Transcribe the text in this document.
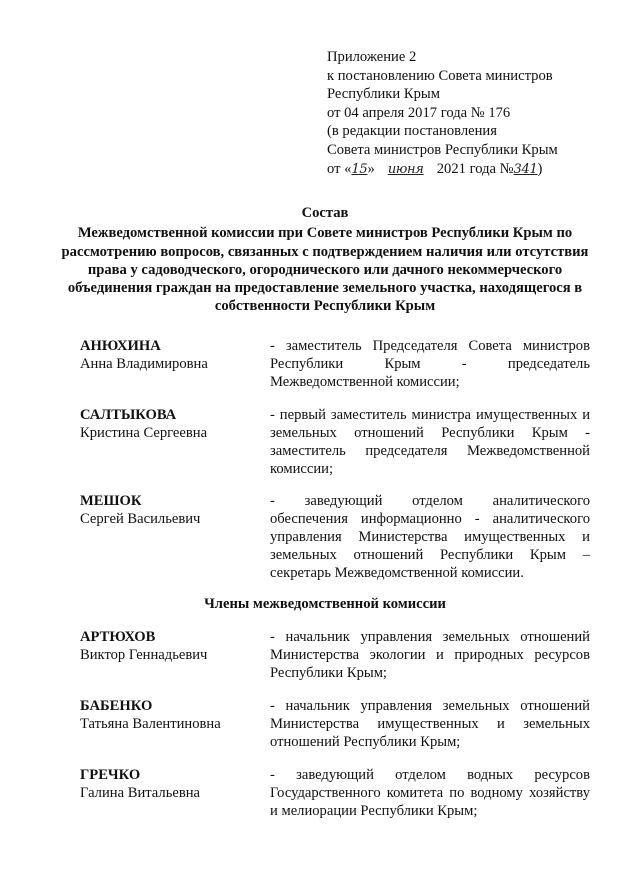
Приложение 2
к постановлению Совета министров
Республики Крым
от 04 апреля 2017 года № 176
(в редакции постановления
Совета министров Республики Крым
от «15» июня 2021 года №341)
Состав
Межведомственной комиссии при Совете министров Республики Крым по рассмотрению вопросов, связанных с подтверждением наличия или отсутствия права у садоводческого, огороднического или дачного некоммерческого объединения граждан на предоставление земельного участка, находящегося в собственности Республики Крым
АНЮХИНА
Анна Владимировна
- заместитель Председателя Совета министров Республики Крым - председатель Межведомственной комиссии;
САЛТЫКОВА
Кристина Сергеевна
- первый заместитель министра имущественных и земельных отношений Республики Крым - заместитель председателя Межведомственной комиссии;
МЕШОК
Сергей Васильевич
- заведующий отделом аналитического обеспечения информационно - аналитического управления Министерства имущественных и земельных отношений Республики Крым – секретарь Межведомственной комиссии.
Члены межведомственной комиссии
АРТЮХОВ
Виктор Геннадьевич
- начальник управления земельных отношений Министерства экологии и природных ресурсов Республики Крым;
БАБЕНКО
Татьяна Валентиновна
- начальник управления земельных отношений Министерства имущественных и земельных отношений Республики Крым;
ГРЕЧКО
Галина Витальевна
- заведующий отделом водных ресурсов Государственного комитета по водному хозяйству и мелиорации Республики Крым;
